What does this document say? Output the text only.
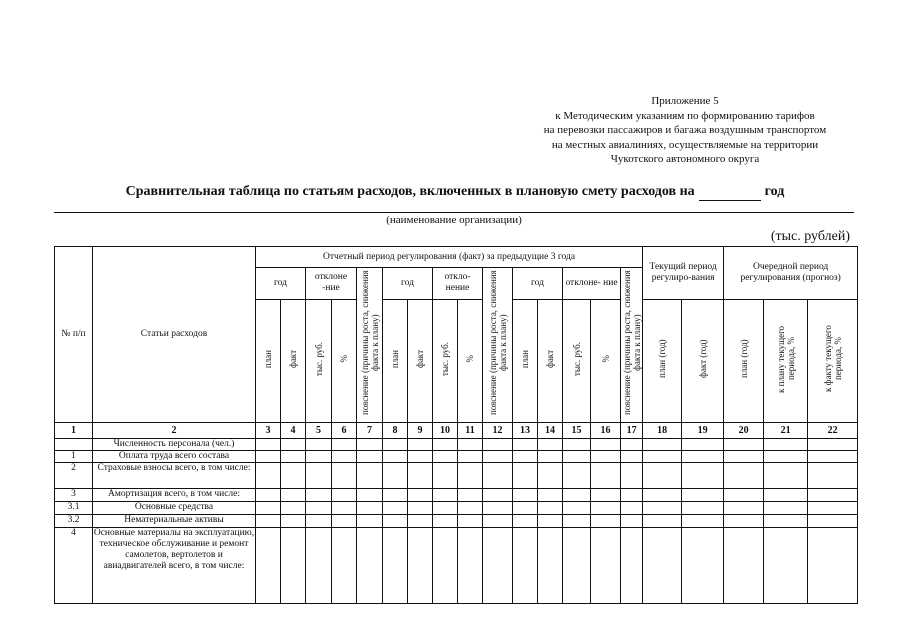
Приложение 5
к Методическим указаниям по формированию тарифов
на перевозки пассажиров и багажа воздушным транспортом
на местных авиалиниях, осуществляемые на территории
Чукотского автономного округа
Сравнительная таблица по статьям расходов, включенных в плановую смету расходов на	год
(наименование организации)
(тыс. рублей)
№ п/п	Статьи расходов	Отчетный период регулирования (факт) за предыдущие 3 года															Текущий период регулиро-вания		Очередной период регулирования (прогноз)		
		год		отклоне -ние		пояснение (причины роста, снижения факта к плану)	год		откло- нение		пояснение (причины роста, снижения факта к плану)	год		отклоне- ние		пояснение (причины роста, снижения факта к плану)					
		план	факт	тыс. руб.	%		план	факт	тыс. руб.	%		план	факт	тыс. руб.	%		план (год)	факт (год)	план (год)	к плану текущего периода, %	к факту текущего периода, %
1	2	3	4	5	6	7	8	9	10	11	12	13	14	15	16	17	18	19	20	21	22
	Численность персонала (чел.)																				
1	Оплата труда всего состава																				
2	Страховые взносы всего, в том числе:																				
3	Амортизация всего, в том числе:																				
3.1	Основные средства																				
3.2	Нематериальные активы																				
4	Основные материалы на эксплуатацию, техническое обслуживание и ремонт самолетов, вертолетов и авиадвигателей всего, в том числе:																				
